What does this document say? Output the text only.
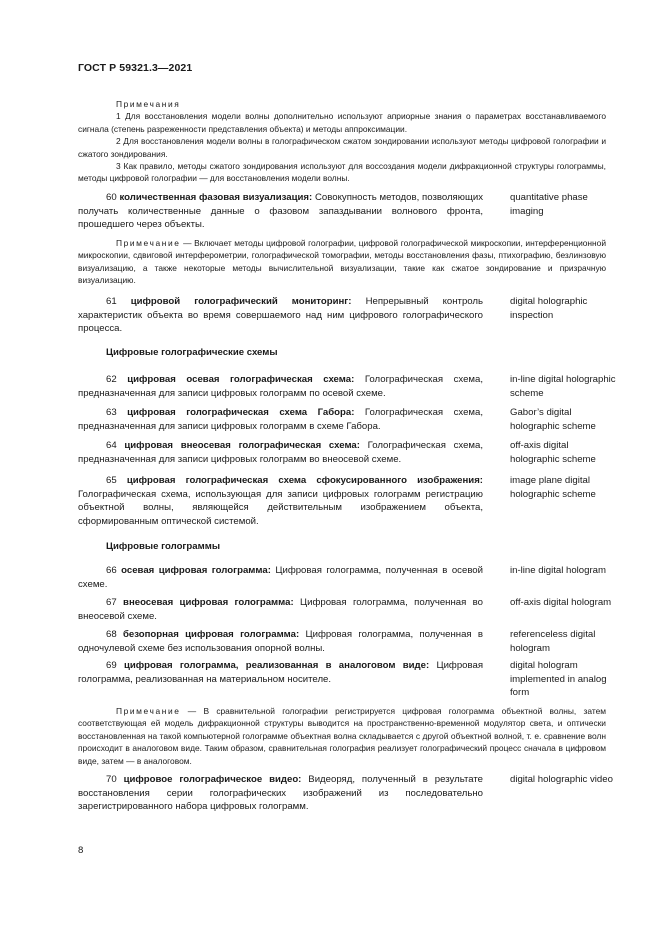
ГОСТ Р 59321.3—2021
Примечания

1 Для восстановления модели волны дополнительно используют априорные знания о параметрах восстанавливаемого сигнала (степень разреженности представления объекта) и методы аппроксимации.

2 Для восстановления модели волны в голографическом сжатом зондировании используют методы цифровой голографии и сжатого зондирования.

3 Как правило, методы сжатого зондирования используют для воссоздания модели дифракционной структуры голограммы, методы цифровой голографии — для восстановления модели волны.

60 количественная фазовая визуализация: Совокупность методов, позволяющих получать количественные данные о фазовом запаздывании волнового фронта, прошедшего через объекты.
quantitative phase imaging
Примечание — Включает методы цифровой голографии, цифровой голографической микроскопии, интерференционной микроскопии, сдвиговой интерферометрии, голографической томографии, методы восстановления фазы, птихографию, безлинзовую визуализацию, а также некоторые методы вычислительной визуализации, такие как сжатое зондирование и призрачную визуализацию.
61 цифровой голографический мониторинг: Непрерывный контроль характеристик объекта во время совершаемого над ним цифрового голографического процесса.
digital holographic inspection
Цифровые голографические схемы
62 цифровая осевая голографическая схема: Голографическая схема, предназначенная для записи цифровых голограмм по осевой схеме.
in-line digital holographic scheme
63 цифровая голографическая схема Габора: Голографическая схема, предназначенная для записи цифровых голограмм в схеме Габора.
Gabor’s digital holographic scheme
64 цифровая внеосевая голографическая схема: Голографическая схема, предназначенная для записи цифровых голограмм во внеосевой схеме.
off-axis digital holographic scheme
65 цифровая голографическая схема сфокусированного изображения: Голографическая схема, использующая для записи цифровых голограмм регистрацию объектной волны, являющейся действительным изображением объекта, сформированным оптической системой.
image plane digital holographic scheme
Цифровые голограммы
66 осевая цифровая голограмма: Цифровая голограмма, полученная в осевой схеме.
in-line digital hologram
67 внеосевая цифровая голограмма: Цифровая голограмма, полученная во внеосевой схеме.
off-axis digital hologram
68 безопорная цифровая голограмма: Цифровая голограмма, полученная в одночулевой схеме без использования опорной волны.
referenceless digital hologram
69 цифровая голограмма, реализованная в аналоговом виде: Цифровая голограмма, реализованная на материальном носителе.
digital hologram implemented in analog form
Примечание — В сравнительной голографии регистрируется цифровая голограмма объектной волны, затем соответствующая ей модель дифракционной структуры выводится на пространственно-временной модулятор света, и оптически восстановленная на такой компьютерной голограмме объектная волна складывается с другой объектной волной, т. е. сравнение волн происходит в аналоговом виде. Таким образом, сравнительная голография реализует голографический процесс сначала в цифровом виде, затем — в аналоговом.
70 цифровое голографическое видео: Видеоряд, полученный в результате восстановления серии голографических изображений из последовательно зарегистрированного набора цифровых голограмм.
digital holographic video
8
